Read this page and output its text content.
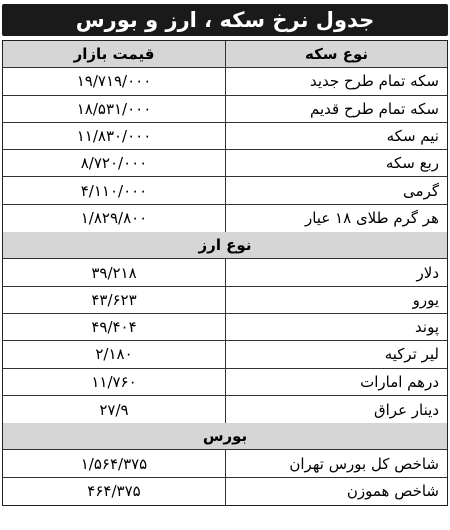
جدول نرخ سکه ، ارز و بورس
نوع سکه
قیمت بازار
سکه تمام طرح جدید
۱۹/۷۱۹/۰۰۰
سکه تمام طرح قدیم
۱۸/۵۳۱/۰۰۰
نیم سکه
۱۱/۸۳۰/۰۰۰
ربع سکه
۸/۷۲۰/۰۰۰
گرمی
۴/۱۱۰/۰۰۰
هر گرم طلای ۱۸ عیار
۱/۸۲۹/۸۰۰
نوع ارز
دلار
۳۹/۲۱۸
یورو
۴۳/۶۲۳
پوند
۴۹/۴۰۴
لیر ترکیه
۲/۱۸۰
درهم امارات
۱۱/۷۶۰
دینار عراق
۲۷/۹
بورس
شاخص کل بورس تهران
۱/۵۶۴/۳۷۵
شاخص هموزن
۴۶۴/۳۷۵
